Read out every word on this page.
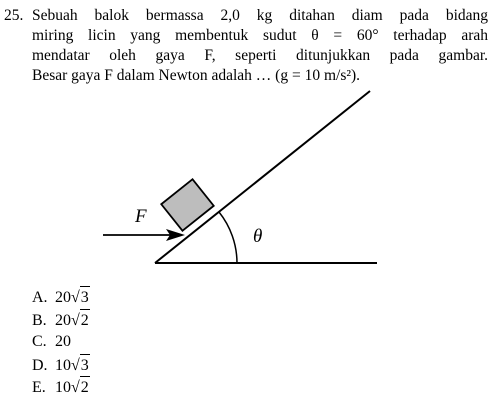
25. Sebuah balok bermassa 2,0 kg ditahan diam pada bidang
miring licin yang membentuk sudut θ = 60° terhadap arah
mendatar oleh gaya F, seperti ditunjukkan pada gambar.
Besar gaya F dalam Newton adalah … (g = 10 m/s²).
F
θ
A. 20 √ 3
B. 20 √ 2
C. 20
D. 10 √ 3
E. 10 √ 2
